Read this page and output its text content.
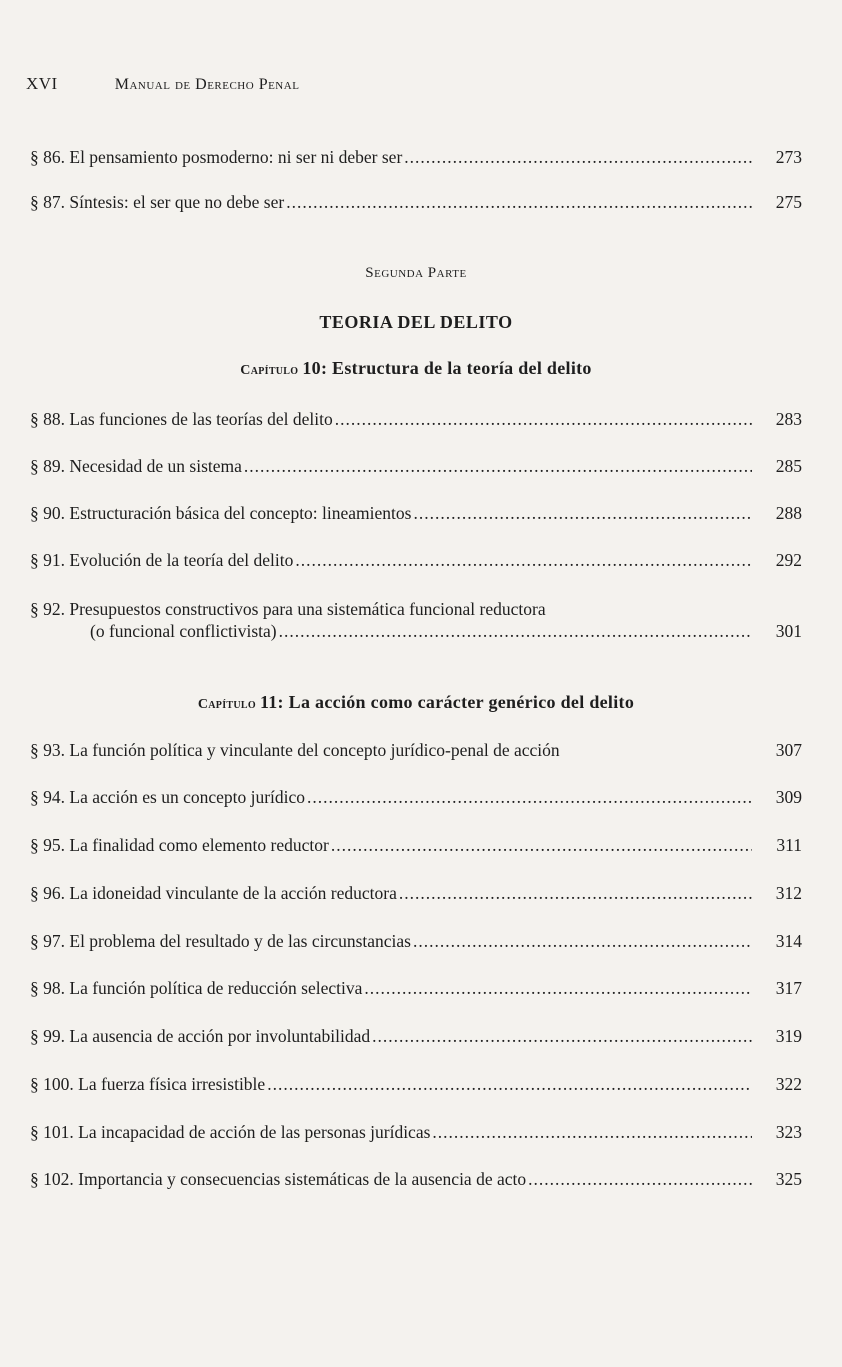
XVI	Manual de Derecho Penal
§ 86. El pensamiento posmoderno: ni ser ni deber ser .....	273
§ 87. Síntesis: el ser que no debe ser .....	275
Segunda Parte
TEORIA DEL DELITO
Capítulo 10: Estructura de la teoría del delito
§ 88. Las funciones de las teorías del delito .....	283
§ 89. Necesidad de un sistema .....	285
§ 90. Estructuración básica del concepto: lineamientos .....	288
§ 91. Evolución de la teoría del delito .....	292
§ 92. Presupuestos constructivos para una sistemática funcional reductora
(o funcional conflictivista) .....	301
Capítulo 11: La acción como carácter genérico del delito
§ 93. La función política y vinculante del concepto jurídico-penal de acción	307
§ 94. La acción es un concepto jurídico .....	309
§ 95. La finalidad como elemento reductor .....	311
§ 96. La idoneidad vinculante de la acción reductora .....	312
§ 97. El problema del resultado y de las circunstancias .....	314
§ 98. La función política de reducción selectiva .....	317
§ 99. La ausencia de acción por involuntabilidad .....	319
§ 100. La fuerza física irresistible .....	322
§ 101. La incapacidad de acción de las personas jurídicas .....	323
§ 102. Importancia y consecuencias sistemáticas de la ausencia de acto .....	325
